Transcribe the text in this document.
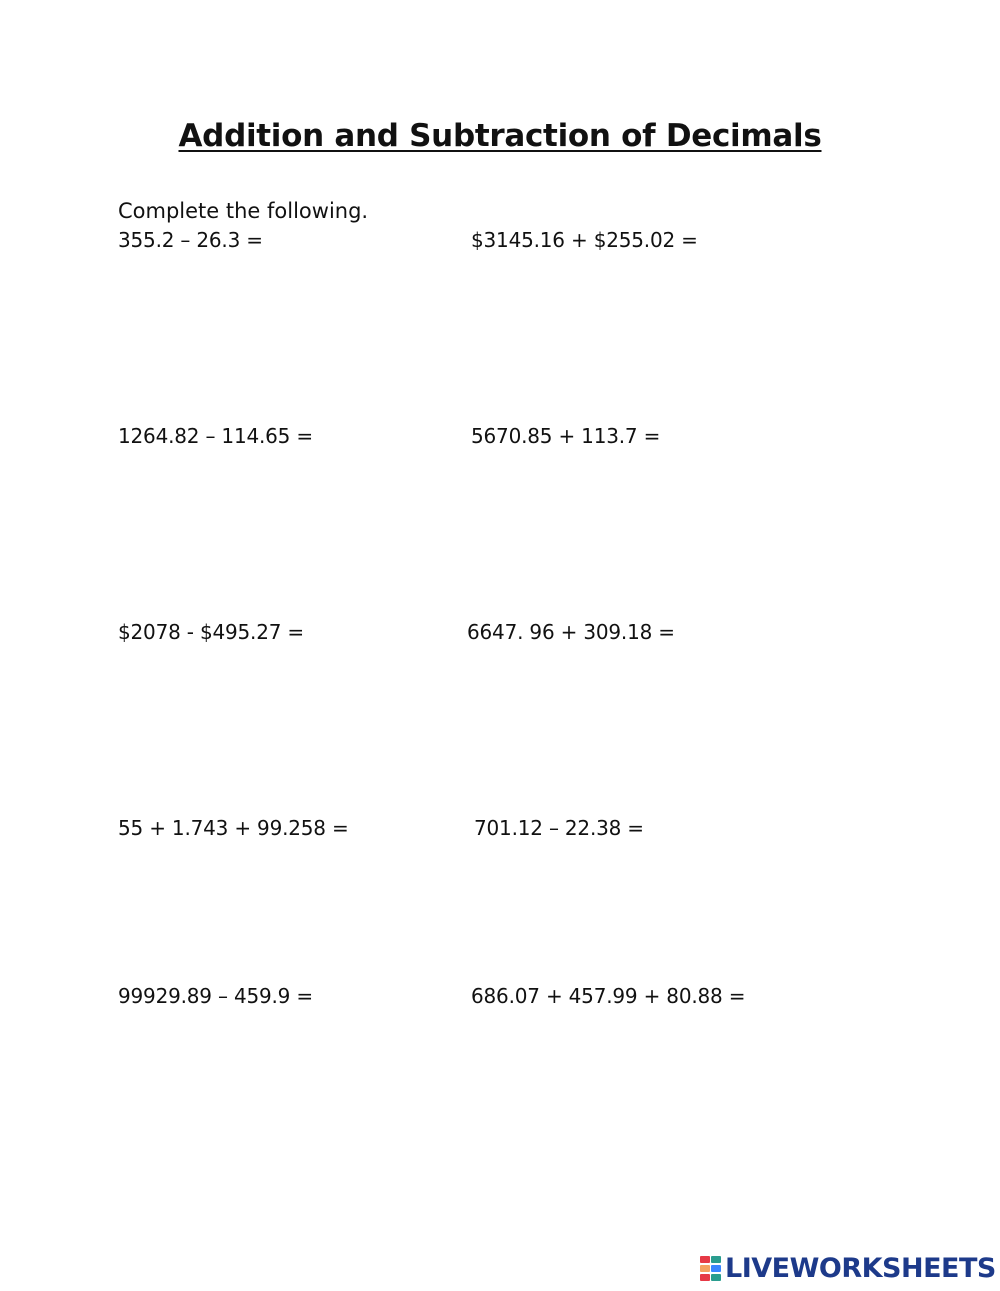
Addition and Subtraction of Decimals
Complete the following.
355.2 – 26.3 =	$3145.16 + $255.02 =
1264.82 – 114.65 =	5670.85 + 113.7 =
$2078 - $495.27 =	6647. 96 + 309.18 =
55 + 1.743 + 99.258 =	701.12 – 22.38 =
99929.89 – 459.9 =	686.07 + 457.99 + 80.88 =
LIVEWORKSHEETS
